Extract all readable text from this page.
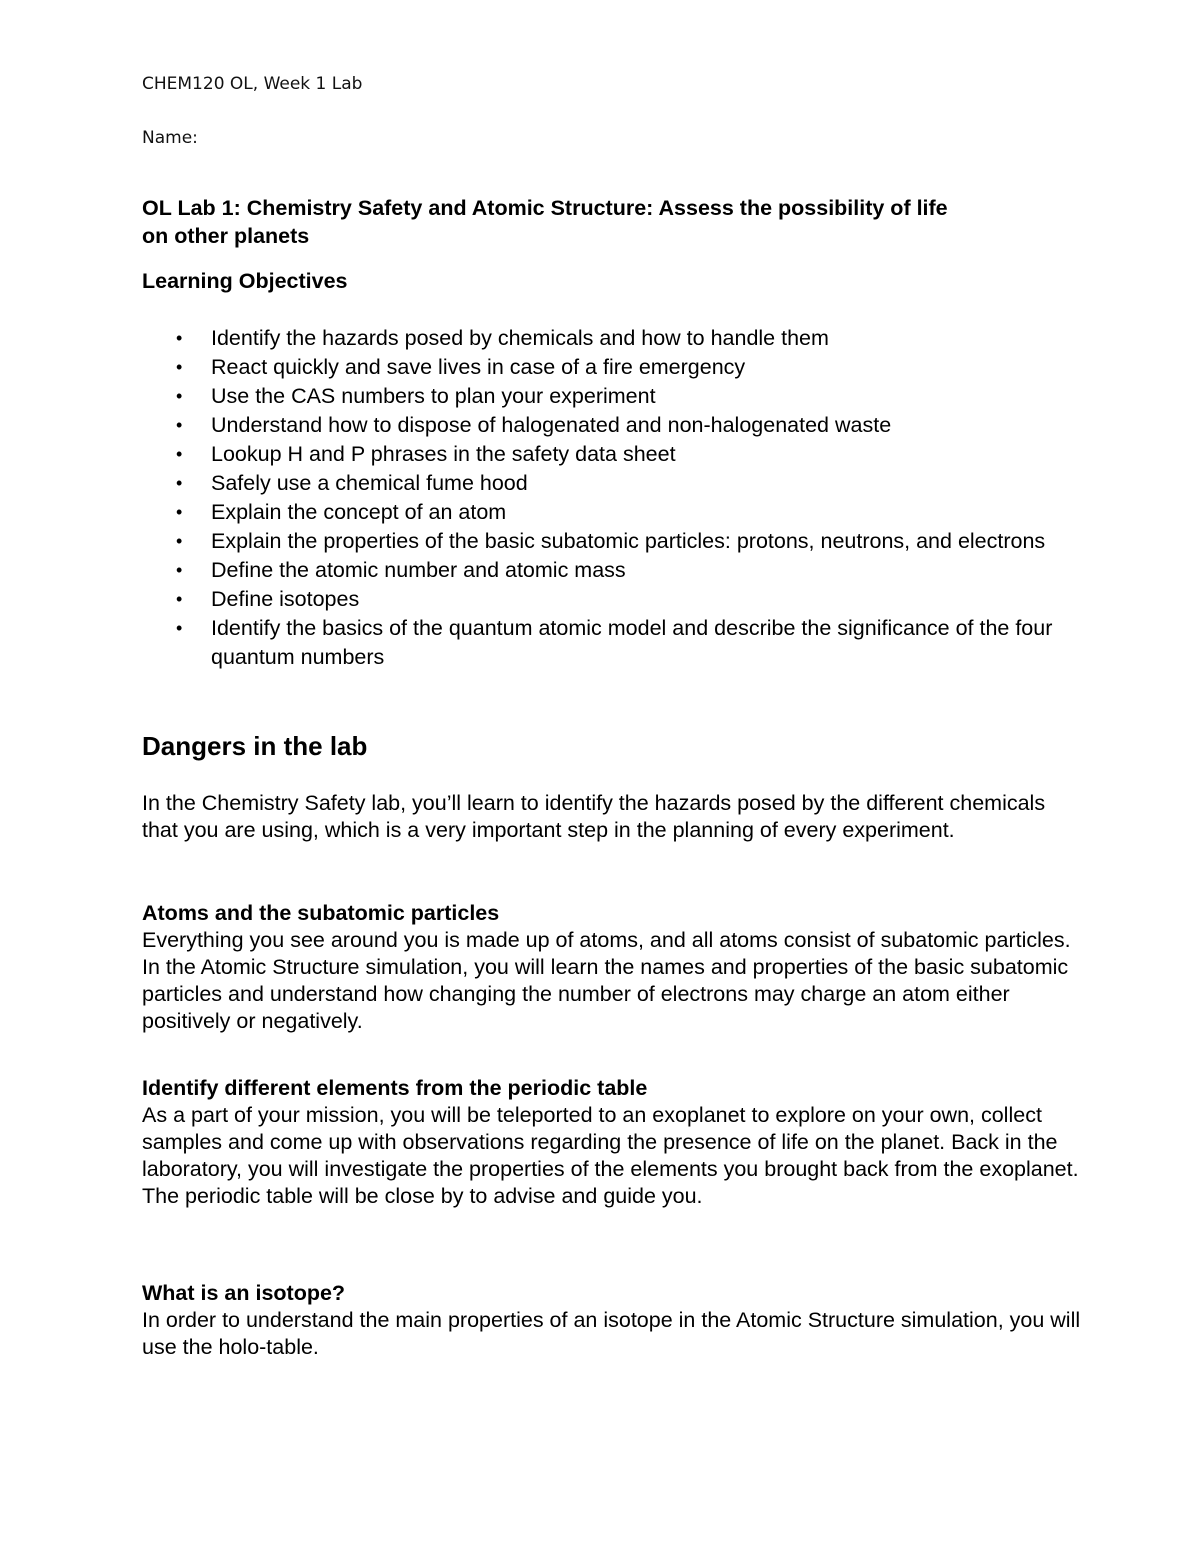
CHEM120 OL, Week 1 Lab
Name:
OL Lab 1: Chemistry Safety and Atomic Structure: Assess the possibility of life
on other planets
Learning Objectives
• Identify the hazards posed by chemicals and how to handle them
• React quickly and save lives in case of a fire emergency
• Use the CAS numbers to plan your experiment
• Understand how to dispose of halogenated and non-halogenated waste
• Lookup H and P phrases in the safety data sheet
• Safely use a chemical fume hood
• Explain the concept of an atom
• Explain the properties of the basic subatomic particles: protons, neutrons, and electrons
• Define the atomic number and atomic mass
• Define isotopes
• Identify the basics of the quantum atomic model and describe the significance of the four quantum numbers
Dangers in the lab

In the Chemistry Safety lab, you’ll learn to identify the hazards posed by the different chemicals that you are using, which is a very important step in the planning of every experiment.

Atoms and the subatomic particles
Everything you see around you is made up of atoms, and all atoms consist of subatomic particles. In the Atomic Structure simulation, you will learn the names and properties of the basic subatomic particles and understand how changing the number of electrons may charge an atom either positively or negatively.
Identify different elements from the periodic table
As a part of your mission, you will be teleported to an exoplanet to explore on your own, collect samples and come up with observations regarding the presence of life on the planet. Back in the laboratory, you will investigate the properties of the elements you brought back from the exoplanet. The periodic table will be close by to advise and guide you.
What is an isotope?
In order to understand the main properties of an isotope in the Atomic Structure simulation, you will use the holo-table.
